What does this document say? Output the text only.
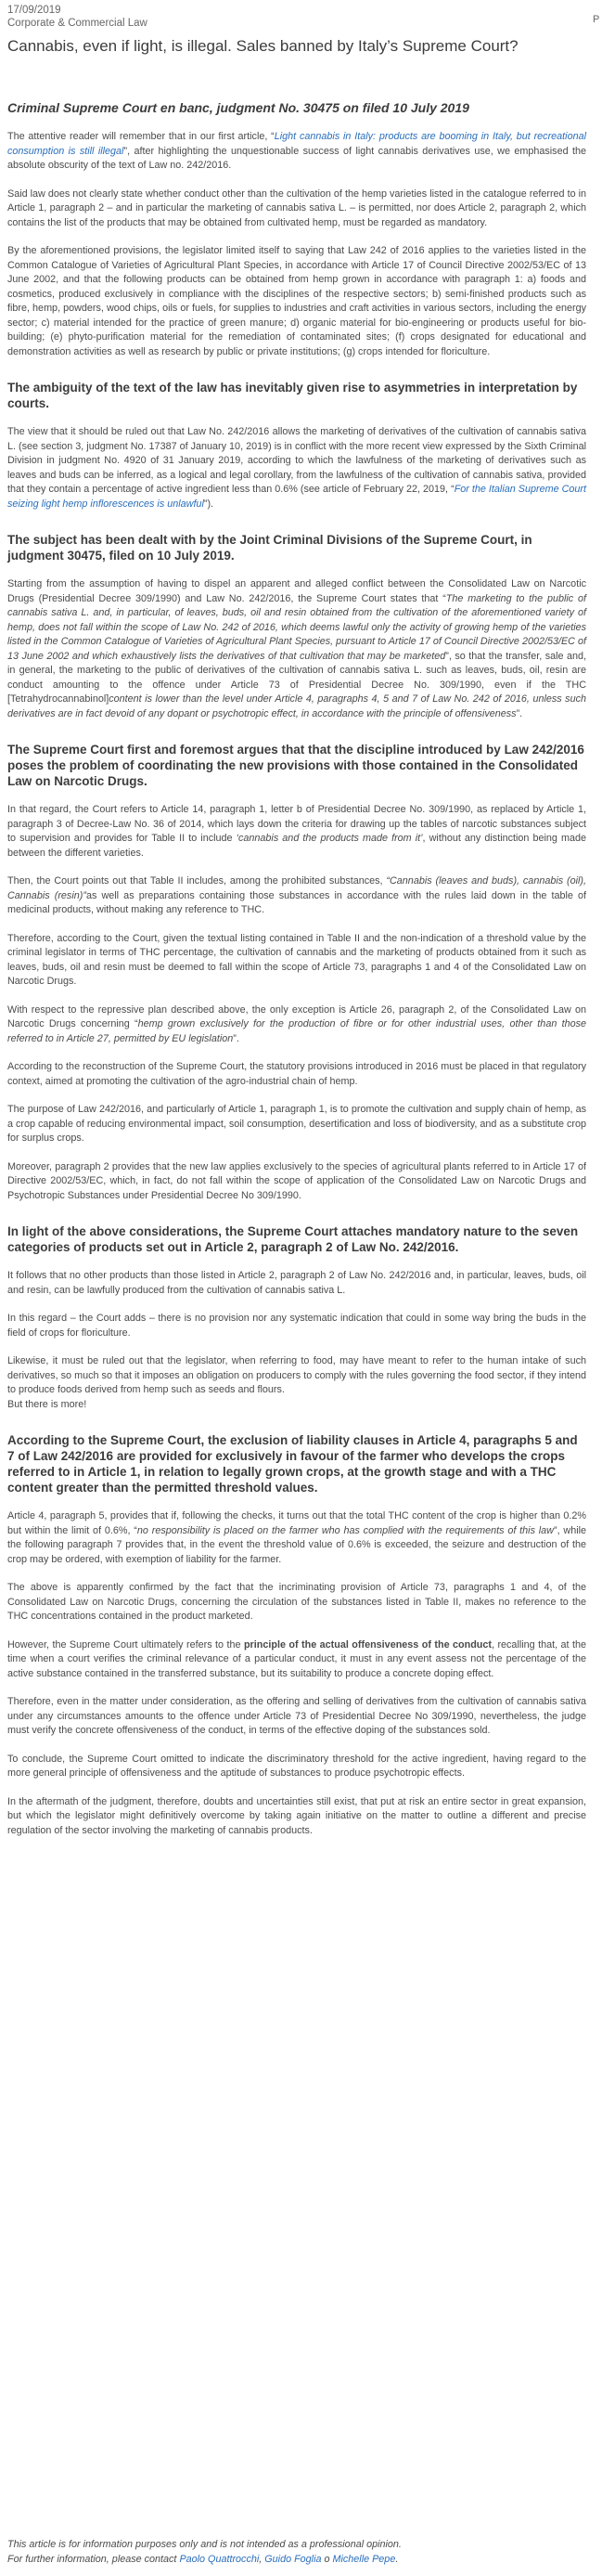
P
17/09/2019
Corporate & Commercial Law
Cannabis, even if light, is illegal. Sales banned by Italy’s Supreme Court?
Criminal Supreme Court en banc, judgment No. 30475 on filed 10 July 2019

The attentive reader will remember that in our first article, “Light cannabis in Italy: products are booming in Italy, but recreational consumption is still illegal”, after highlighting the unquestionable success of light cannabis derivatives use, we emphasised the absolute obscurity of the text of Law no. 242/2016.

Said law does not clearly state whether conduct other than the cultivation of the hemp varieties listed in the catalogue referred to in Article 1, paragraph 2 – and in particular the marketing of cannabis sativa L. – is permitted, nor does Article 2, paragraph 2, which contains the list of the products that may be obtained from cultivated hemp, must be regarded as mandatory.

By the aforementioned provisions, the legislator limited itself to saying that Law 242 of 2016 applies to the varieties listed in the Common Catalogue of Varieties of Agricultural Plant Species, in accordance with Article 17 of Council Directive 2002/53/EC of 13 June 2002, and that the following products can be obtained from hemp grown in accordance with paragraph 1: a) foods and cosmetics, produced exclusively in compliance with the disciplines of the respective sectors; b) semi-finished products such as fibre, hemp, powders, wood chips, oils or fuels, for supplies to industries and craft activities in various sectors, including the energy sector; c) material intended for the practice of green manure; d) organic material for bio-engineering or products useful for bio-building; (e) phyto-purification material for the remediation of contaminated sites; (f) crops designated for educational and demonstration activities as well as research by public or private institutions; (g) crops intended for floriculture.

The ambiguity of the text of the law has inevitably given rise to asymmetries in interpretation by courts.

The view that it should be ruled out that Law No. 242/2016 allows the marketing of derivatives of the cultivation of cannabis sativa L. (see section 3, judgment No. 17387 of January 10, 2019) is in conflict with the more recent view expressed by the Sixth Criminal Division in judgment No. 4920 of 31 January 2019, according to which the lawfulness of the marketing of derivatives such as leaves and buds can be inferred, as a logical and legal corollary, from the lawfulness of the cultivation of cannabis sativa, provided that they contain a percentage of active ingredient less than 0.6% (see article of February 22, 2019, “For the Italian Supreme Court seizing light hemp inflorescences is unlawful”).

The subject has been dealt with by the Joint Criminal Divisions of the Supreme Court, in judgment 30475, filed on 10 July 2019.

Starting from the assumption of having to dispel an apparent and alleged conflict between the Consolidated Law on Narcotic Drugs (Presidential Decree 309/1990) and Law No. 242/2016, the Supreme Court states that “The marketing to the public of cannabis sativa L. and, in particular, of leaves, buds, oil and resin obtained from the cultivation of the aforementioned variety of hemp, does not fall within the scope of Law No. 242 of 2016, which deems lawful only the activity of growing hemp of the varieties listed in the Common Catalogue of Varieties of Agricultural Plant Species, pursuant to Article 17 of Council Directive 2002/53/EC of 13 June 2002 and which exhaustively lists the derivatives of that cultivation that may be marketed”, so that the transfer, sale and, in general, the marketing to the public of derivatives of the cultivation of cannabis sativa L. such as leaves, buds, oil, resin are conduct amounting to the offence under Article 73 of Presidential Decree No. 309/1990, even if the THC [Tetrahydrocannabinol]content is lower than the level under Article 4, paragraphs 4, 5 and 7 of Law No. 242 of 2016, unless such derivatives are in fact devoid of any dopant or psychotropic effect, in accordance with the principle of offensiveness”.

The Supreme Court first and foremost argues that that the discipline introduced by Law 242/2016 poses the problem of coordinating the new provisions with those contained in the Consolidated Law on Narcotic Drugs.

In that regard, the Court refers to Article 14, paragraph 1, letter b of Presidential Decree No. 309/1990, as replaced by Article 1, paragraph 3 of Decree-Law No. 36 of 2014, which lays down the criteria for drawing up the tables of narcotic substances subject to supervision and provides for Table II to include ‘cannabis and the products made from it’, without any distinction being made between the different varieties.

Then, the Court points out that Table II includes, among the prohibited substances, “Cannabis (leaves and buds), cannabis (oil), Cannabis (resin)”as well as preparations containing those substances in accordance with the rules laid down in the table of medicinal products, without making any reference to THC.

Therefore, according to the Court, given the textual listing contained in Table II and the non-indication of a threshold value by the criminal legislator in terms of THC percentage, the cultivation of cannabis and the marketing of products obtained from it such as leaves, buds, oil and resin must be deemed to fall within the scope of Article 73, paragraphs 1 and 4 of the Consolidated Law on Narcotic Drugs.

With respect to the repressive plan described above, the only exception is Article 26, paragraph 2, of the Consolidated Law on Narcotic Drugs concerning “hemp grown exclusively for the production of fibre or for other industrial uses, other than those referred to in Article 27, permitted by EU legislation”.

According to the reconstruction of the Supreme Court, the statutory provisions introduced in 2016 must be placed in that regulatory context, aimed at promoting the cultivation of the agro-industrial chain of hemp.

The purpose of Law 242/2016, and particularly of Article 1, paragraph 1, is to promote the cultivation and supply chain of hemp, as a crop capable of reducing environmental impact, soil consumption, desertification and loss of biodiversity, and as a substitute crop for surplus crops.

Moreover, paragraph 2 provides that the new law applies exclusively to the species of agricultural plants referred to in Article 17 of Directive 2002/53/EC, which, in fact, do not fall within the scope of application of the Consolidated Law on Narcotic Drugs and Psychotropic Substances under Presidential Decree No 309/1990.

In light of the above considerations, the Supreme Court attaches mandatory nature to the seven categories of products set out in Article 2, paragraph 2 of Law No. 242/2016.

It follows that no other products than those listed in Article 2, paragraph 2 of Law No. 242/2016 and, in particular, leaves, buds, oil and resin, can be lawfully produced from the cultivation of cannabis sativa L.

In this regard – the Court adds – there is no provision nor any systematic indication that could in some way bring the buds in the field of crops for floriculture.

Likewise, it must be ruled out that the legislator, when referring to food, may have meant to refer to the human intake of such derivatives, so much so that it imposes an obligation on producers to comply with the rules governing the food sector, if they intend to produce foods derived from hemp such as seeds and flours.

But there is more!

According to the Supreme Court, the exclusion of liability clauses in Article 4, paragraphs 5 and 7 of Law 242/2016 are provided for exclusively in favour of the farmer who develops the crops referred to in Article 1, in relation to legally grown crops, at the growth stage and with a THC content greater than the permitted threshold values.

Article 4, paragraph 5, provides that if, following the checks, it turns out that the total THC content of the crop is higher than 0.2% but within the limit of 0.6%, “no responsibility is placed on the farmer who has complied with the requirements of this law”, while the following paragraph 7 provides that, in the event the threshold value of 0.6% is exceeded, the seizure and destruction of the crop may be ordered, with exemption of liability for the farmer.

The above is apparently confirmed by the fact that the incriminating provision of Article 73, paragraphs 1 and 4, of the Consolidated Law on Narcotic Drugs, concerning the circulation of the substances listed in Table II, makes no reference to the THC concentrations contained in the product marketed.

However, the Supreme Court ultimately refers to the principle of the actual offensiveness of the conduct, recalling that, at the time when a court verifies the criminal relevance of a particular conduct, it must in any event assess not the percentage of the active substance contained in the transferred substance, but its suitability to produce a concrete doping effect.

Therefore, even in the matter under consideration, as the offering and selling of derivatives from the cultivation of cannabis sativa under any circumstances amounts to the offence under Article 73 of Presidential Decree No 309/1990, nevertheless, the judge must verify the concrete offensiveness of the conduct, in terms of the effective doping of the substances sold.

To conclude, the Supreme Court omitted to indicate the discriminatory threshold for the active ingredient, having regard to the more general principle of offensiveness and the aptitude of substances to produce psychotropic effects.

In the aftermath of the judgment, therefore, doubts and uncertainties still exist, that put at risk an entire sector in great expansion, but which the legislator might definitively overcome by taking again initiative on the matter to outline a different and precise regulation of the sector involving the marketing of cannabis products.

This article is for information purposes only and is not intended as a professional opinion.

For further information, please contact Paolo Quattrocchi, Guido Foglia o Michelle Pepe.
